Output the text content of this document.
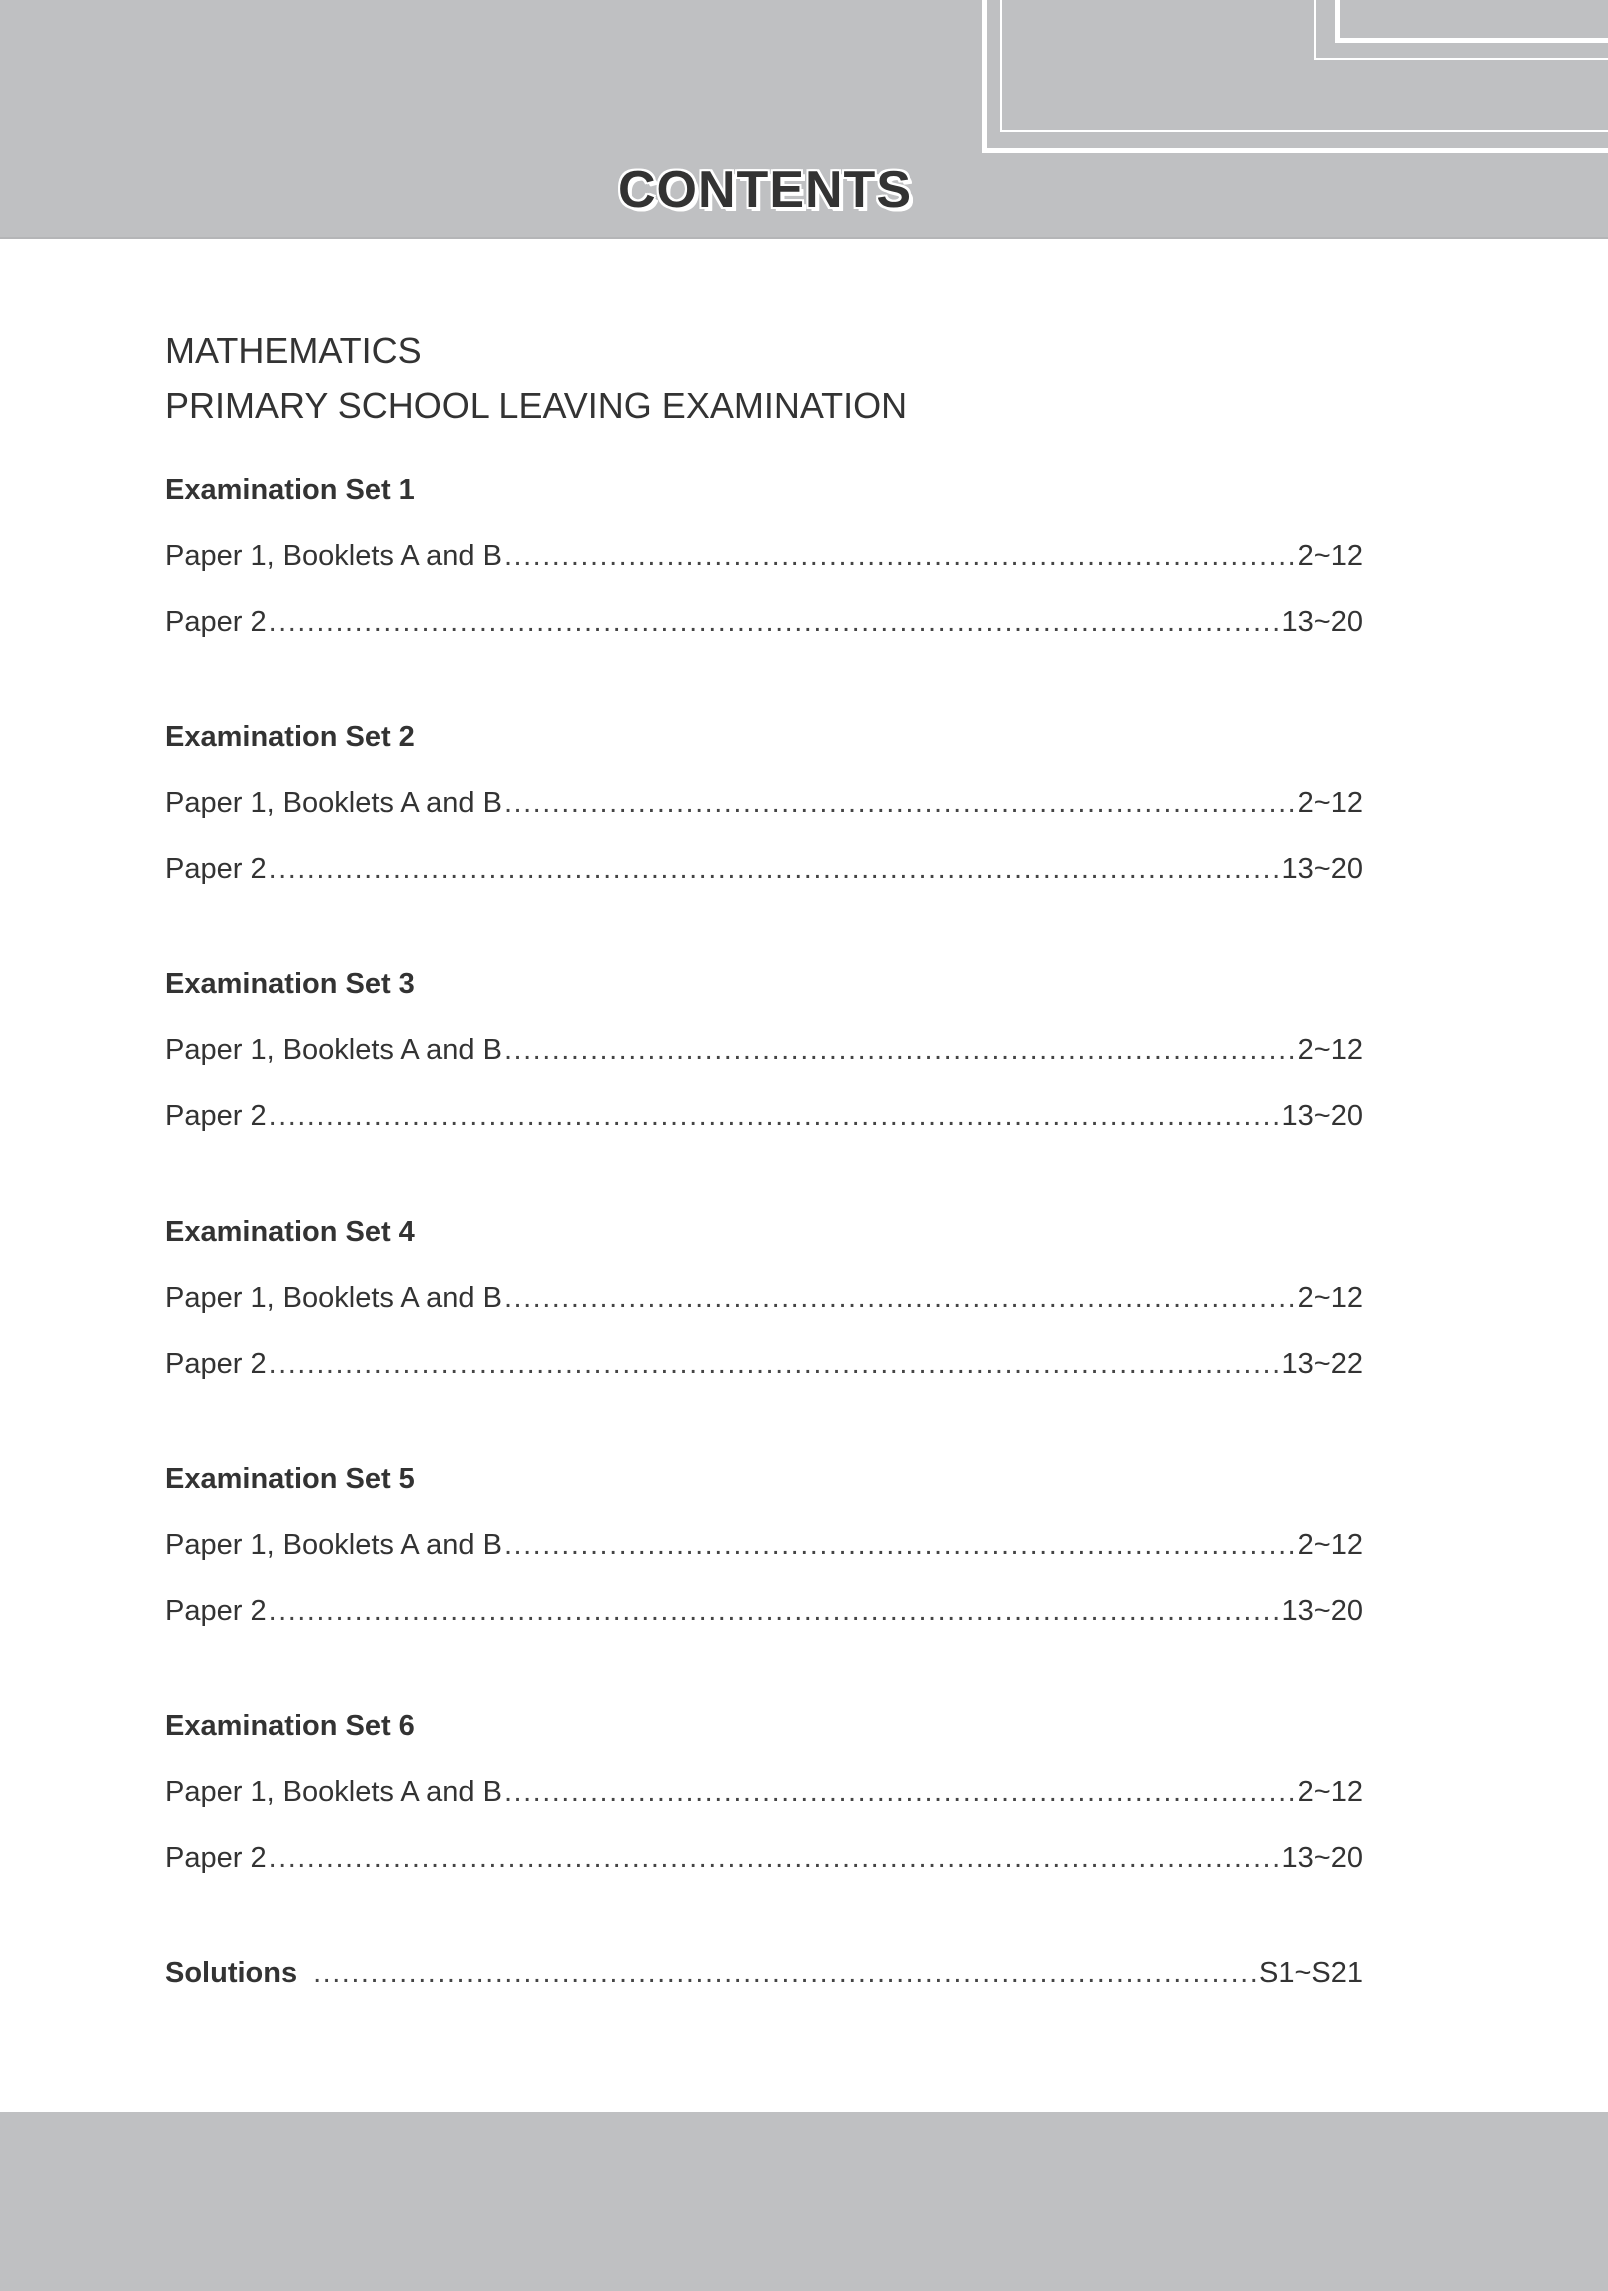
CONTENTS
MATHEMATICS
PRIMARY SCHOOL LEAVING EXAMINATION
Examination Set 1
Paper 1, Booklets A and B .....	2~12
Paper 2 .....	13~20
Examination Set 2
Paper 1, Booklets A and B .....	2~12
Paper 2 .....	13~20
Examination Set 3
Paper 1, Booklets A and B .....	2~12
Paper 2 .....	13~20
Examination Set 4
Paper 1, Booklets A and B .....	2~12
Paper 2 .....	13~22
Examination Set 5
Paper 1, Booklets A and B .....	2~12
Paper 2 .....	13~20
Examination Set 6
Paper 1, Booklets A and B .....	2~12
Paper 2 .....	13~20
Solutions .....	S1~S21
